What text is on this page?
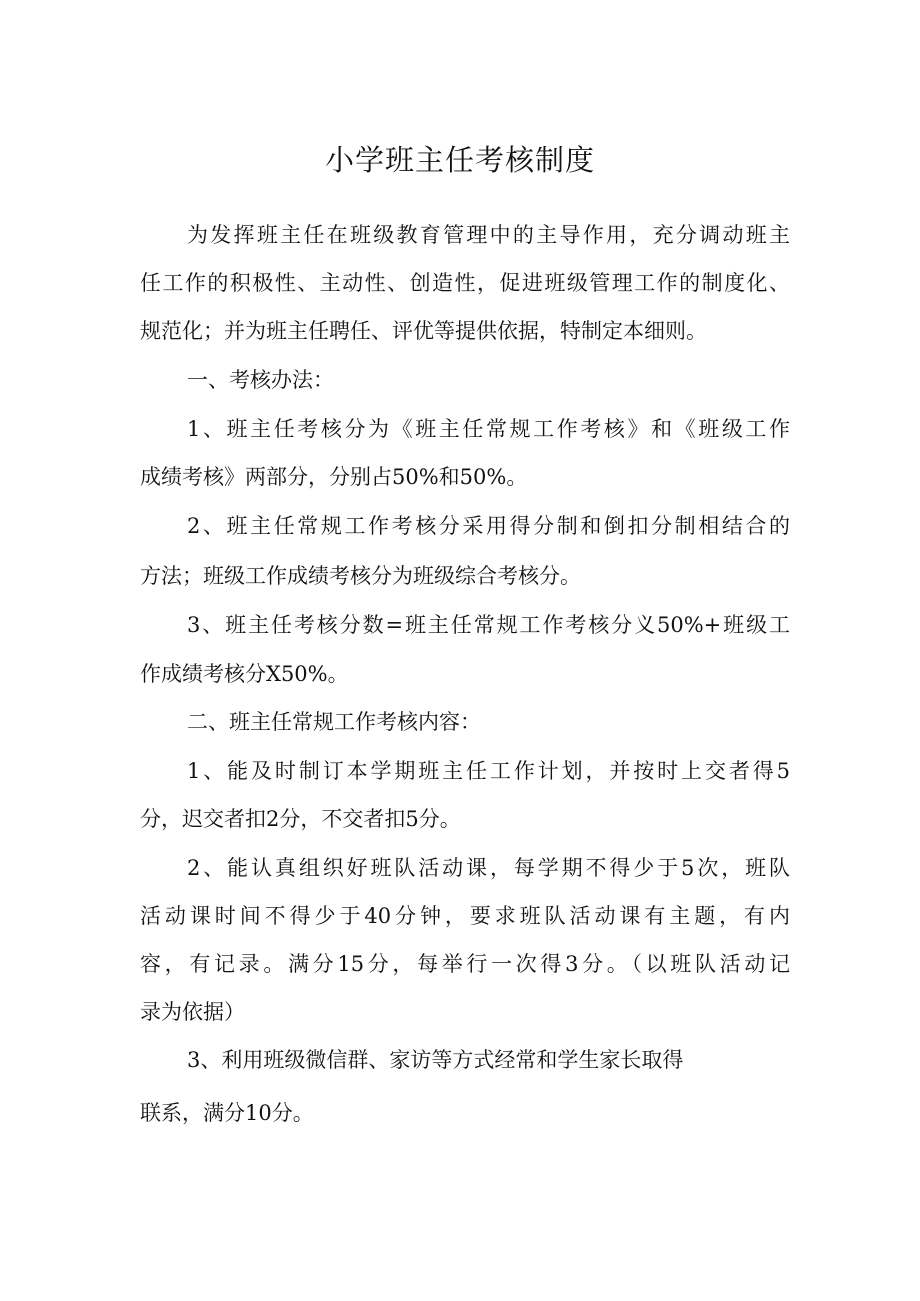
小学班主任考核制度
为发挥班主任在班级教育管理中的主导作用，充分调动班主
任工作的积极性、主动性、创造性，促进班级管理工作的制度化、
规范化；并为班主任聘任、评优等提供依据，特制定本细则。
一、考核办法：
1、班主任考核分为《班主任常规工作考核》和《班级工作
成绩考核》两部分，分别占50%和50%。
2、班主任常规工作考核分采用得分制和倒扣分制相结合的
方法；班级工作成绩考核分为班级综合考核分。
3、班主任考核分数=班主任常规工作考核分义50%+班级工
作成绩考核分X50%。
二、班主任常规工作考核内容：
1、能及时制订本学期班主任工作计划，并按时上交者得5
分，迟交者扣2分，不交者扣5分。
2、能认真组织好班队活动课，每学期不得少于5次，班队
活动课时间不得少于40分钟，要求班队活动课有主题，有内
容，有记录。满分15分，每举行一次得3分。（以班队活动记
录为依据）
3、利用班级微信群、家访等方式经常和学生家长取得
联系，满分10分。
